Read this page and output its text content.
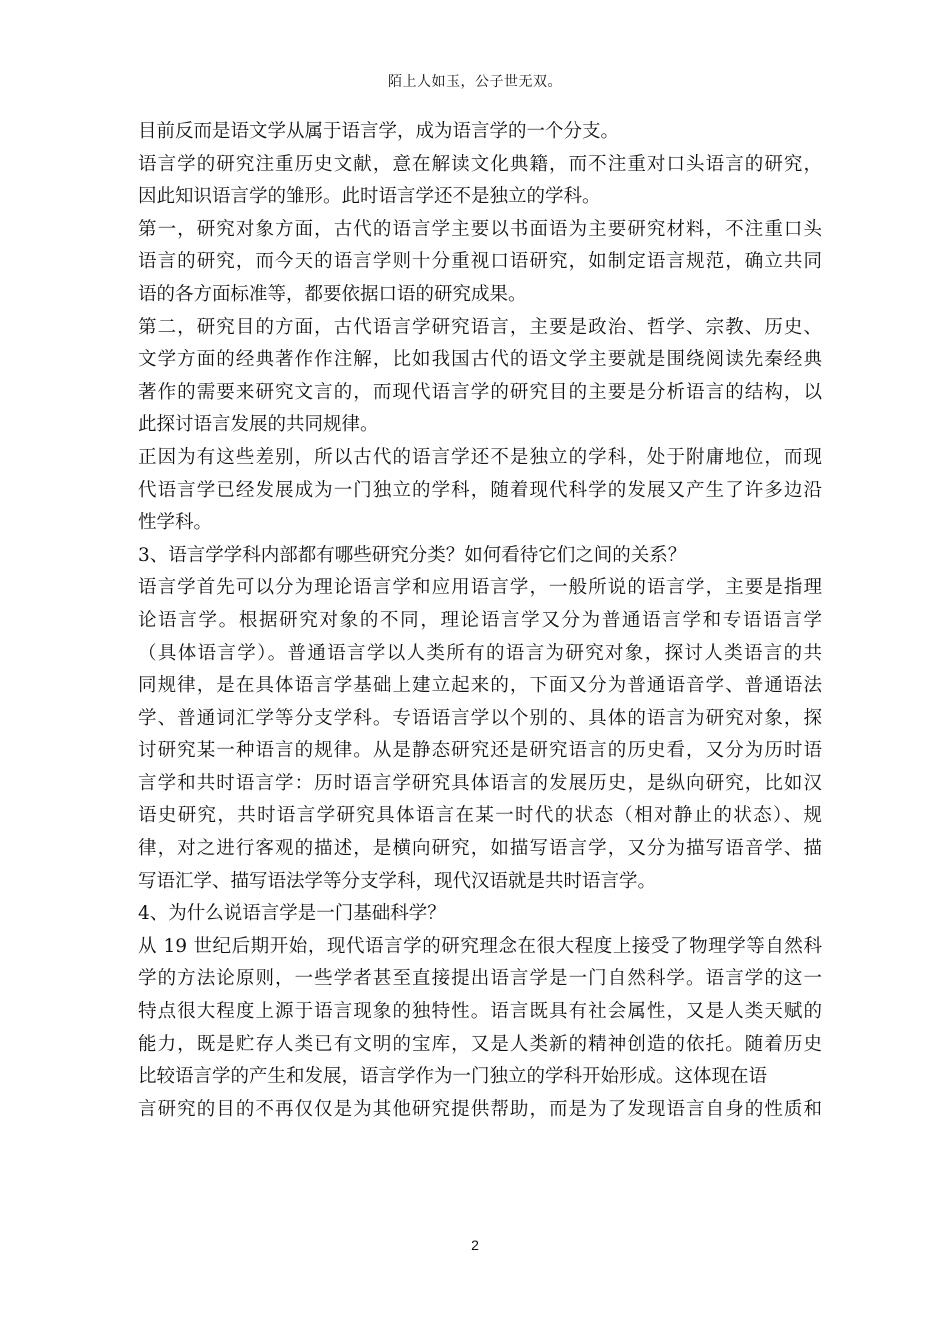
陌上人如玉，公子世无双。
目前反而是语文学从属于语言学，成为语言学的一个分支。
语言学的研究注重历史文献，意在解读文化典籍，而不注重对口头语言的研究，
因此知识语言学的雏形。此时语言学还不是独立的学科。
第一，研究对象方面，古代的语言学主要以书面语为主要研究材料，不注重口头
语言的研究，而今天的语言学则十分重视口语研究，如制定语言规范，确立共同
语的各方面标准等，都要依据口语的研究成果。
第二，研究目的方面，古代语言学研究语言，主要是政治、哲学、宗教、历史、
文学方面的经典著作作注解，比如我国古代的语文学主要就是围绕阅读先秦经典
著作的需要来研究文言的，而现代语言学的研究目的主要是分析语言的结构，以
此探讨语言发展的共同规律。
正因为有这些差别，所以古代的语言学还不是独立的学科，处于附庸地位，而现
代语言学已经发展成为一门独立的学科，随着现代科学的发展又产生了许多边沿
性学科。
3、语言学学科内部都有哪些研究分类？如何看待它们之间的关系？
语言学首先可以分为理论语言学和应用语言学，一般所说的语言学，主要是指理
论语言学。根据研究对象的不同，理论语言学又分为普通语言学和专语语言学
（具体语言学）。普通语言学以人类所有的语言为研究对象，探讨人类语言的共
同规律，是在具体语言学基础上建立起来的，下面又分为普通语音学、普通语法
学、普通词汇学等分支学科。专语语言学以个别的、具体的语言为研究对象，探
讨研究某一种语言的规律。从是静态研究还是研究语言的历史看，又分为历时语
言学和共时语言学：历时语言学研究具体语言的发展历史，是纵向研究，比如汉
语史研究，共时语言学研究具体语言在某一时代的状态（相对静止的状态）、规
律，对之进行客观的描述，是横向研究，如描写语言学，又分为描写语音学、描
写语汇学、描写语法学等分支学科，现代汉语就是共时语言学。
4、为什么说语言学是一门基础科学？
从 19 世纪后期开始，现代语言学的研究理念在很大程度上接受了物理学等自然科
学的方法论原则，一些学者甚至直接提出语言学是一门自然科学。语言学的这一
特点很大程度上源于语言现象的独特性。语言既具有社会属性，又是人类天赋的
能力，既是贮存人类已有文明的宝库，又是人类新的精神创造的依托。随着历史
比较语言学的产生和发展，语言学作为一门独立的学科开始形成。这体现在语
言研究的目的不再仅仅是为其他研究提供帮助，而是为了发现语言自身的性质和
2
